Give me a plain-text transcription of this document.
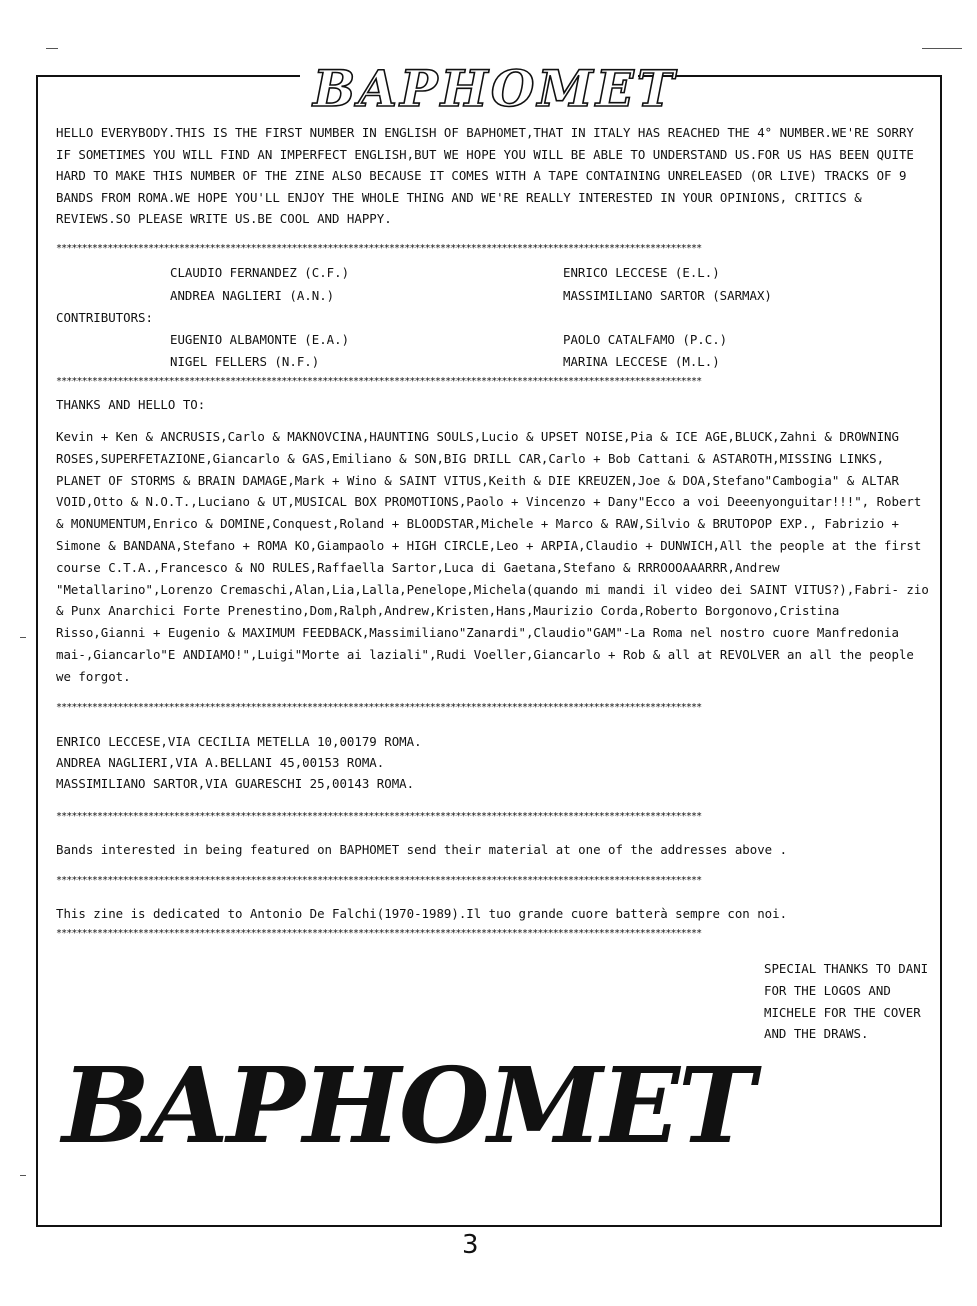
BAPHOMET
HELLO EVERYBODY.THIS IS THE FIRST NUMBER IN ENGLISH OF BAPHOMET,THAT IN ITALY HAS REACHED THE 4° NUMBER.WE'RE SORRY IF SOMETIMES YOU WILL FIND AN IMPERFECT ENGLISH,BUT WE HOPE YOU WILL BE ABLE TO UNDERSTAND US.FOR US HAS BEEN QUITE HARD TO MAKE THIS NUMBER OF THE ZINE ALSO BECAUSE IT COMES WITH A TAPE CONTAINING UNRELEASED (OR LIVE) TRACKS OF 9 BANDS FROM ROMA.WE HOPE YOU'LL ENJOY THE WHOLE THING AND WE'RE REALLY INTERESTED IN YOUR OPINIONS, CRITICS & REVIEWS.SO PLEASE WRITE US.BE COOL AND HAPPY.
******************************************************************************************************************************
CLAUDIO FERNANDEZ (C.F.)	ENRICO LECCESE (E.L.)
ANDREA NAGLIERI (A.N.)	MASSIMILIANO SARTOR (SARMAX)
CONTRIBUTORS:
EUGENIO ALBAMONTE (E.A.)	PAOLO CATALFAMO (P.C.)
NIGEL FELLERS (N.F.)	MARINA LECCESE (M.L.)
******************************************************************************************************************************
THANKS AND HELLO TO:
Kevin + Ken & ANCRUSIS,Carlo & MAKNOVCINA,HAUNTING SOULS,Lucio & UPSET NOISE,Pia & ICE AGE,BLUCK,Zahni & DROWNING ROSES,SUPERFETAZIONE,Giancarlo & GAS,Emiliano & SON,BIG DRILL CAR,Carlo + Bob Cattani & ASTAROTH,MISSING LINKS, PLANET OF STORMS & BRAIN DAMAGE,Mark + Wino & SAINT VITUS,Keith & DIE KREUZEN,Joe & DOA,Stefano"Cambogia" & ALTAR VOID,Otto & N.O.T.,Luciano & UT,MUSICAL BOX PROMOTIONS,Paolo + Vincenzo + Dany"Ecco a voi Deeenyonguitar!!!", Robert & MONUMENTUM,Enrico & DOMINE,Conquest,Roland + BLOODSTAR,Michele + Marco & RAW,Silvio & BRUTOPOP EXP., Fabrizio + Simone & BANDANA,Stefano + ROMA KO,Giampaolo + HIGH CIRCLE,Leo + ARPIA,Claudio + DUNWICH,All the people at the first course C.T.A.,Francesco & NO RULES,Raffaella Sartor,Luca di Gaetana,Stefano & RRROOOAAARRR,Andrew "Metallarino",Lorenzo Cremaschi,Alan,Lia,Lalla,Penelope,Michela(quando mi mandi il video dei SAINT VITUS?),Fabri- zio & Punx Anarchici Forte Prenestino,Dom,Ralph,Andrew,Kristen,Hans,Maurizio Corda,Roberto Borgonovo,Cristina Risso,Gianni + Eugenio & MAXIMUM FEEDBACK,Massimiliano"Zanardi",Claudio"GAM"-La Roma nel nostro cuore Manfredonia mai-,Giancarlo"E ANDIAMO!",Luigi"Morte ai laziali",Rudi Voeller,Giancarlo + Rob & all at REVOLVER an all the people we forgot.
******************************************************************************************************************************
ENRICO LECCESE,VIA CECILIA METELLA 10,00179 ROMA.
ANDREA NAGLIERI,VIA A.BELLANI 45,00153 ROMA.
MASSIMILIANO SARTOR,VIA GUARESCHI 25,00143 ROMA.
******************************************************************************************************************************
Bands interested in being featured on BAPHOMET send their material at one of the addresses above .
******************************************************************************************************************************
This zine is dedicated to Antonio De Falchi(1970-1989).Il tuo grande cuore batterà sempre con noi.
******************************************************************************************************************************
SPECIAL THANKS TO DANI FOR THE LOGOS AND MICHELE FOR THE COVER AND THE DRAWS.
BAPHOMET
3
